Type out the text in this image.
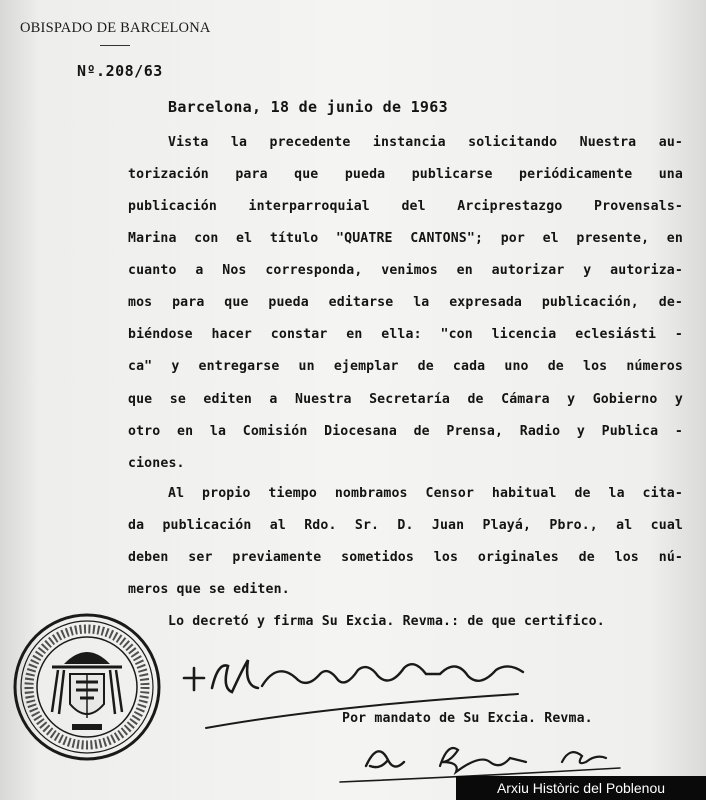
OBISPADO DE BARCELONA
Nº.208/63
Barcelona, 18 de junio de 1963
Vista la precedente instancia solicitando Nuestra au-
torización para que pueda publicarse periódicamente una
publicación interparroquial del Arciprestazgo Provensals-
Marina con el título "QUATRE CANTONS"; por el presente, en
cuanto a Nos corresponda, venimos en autorizar y autoriza-
mos para que pueda editarse la expresada publicación, de-
biéndose hacer constar en ella: "con licencia eclesiásti -
ca" y entregarse un ejemplar de cada uno de los números
que se editen a Nuestra Secretaría de Cámara y Gobierno y
otro en la Comisión Diocesana de Prensa, Radio y Publica -
ciones.
Al propio tiempo nombramos Censor habitual de la cita-
da publicación al Rdo. Sr. D. Juan Playá, Pbro., al cual
deben ser previamente sometidos los originales de los nú-
meros que se editen.
Lo decretó y firma Su Excia. Revma.: de que certifico.
Por mandato de Su Excia. Revma.
Arxiu Històric del Poblenou
